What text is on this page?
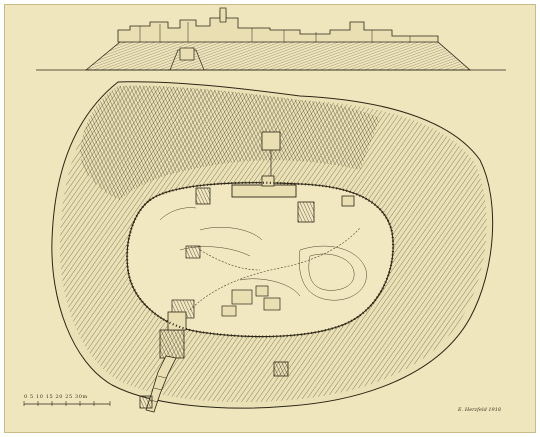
0 5 10 15 20 25 30m
E. Herzfeld 1918
